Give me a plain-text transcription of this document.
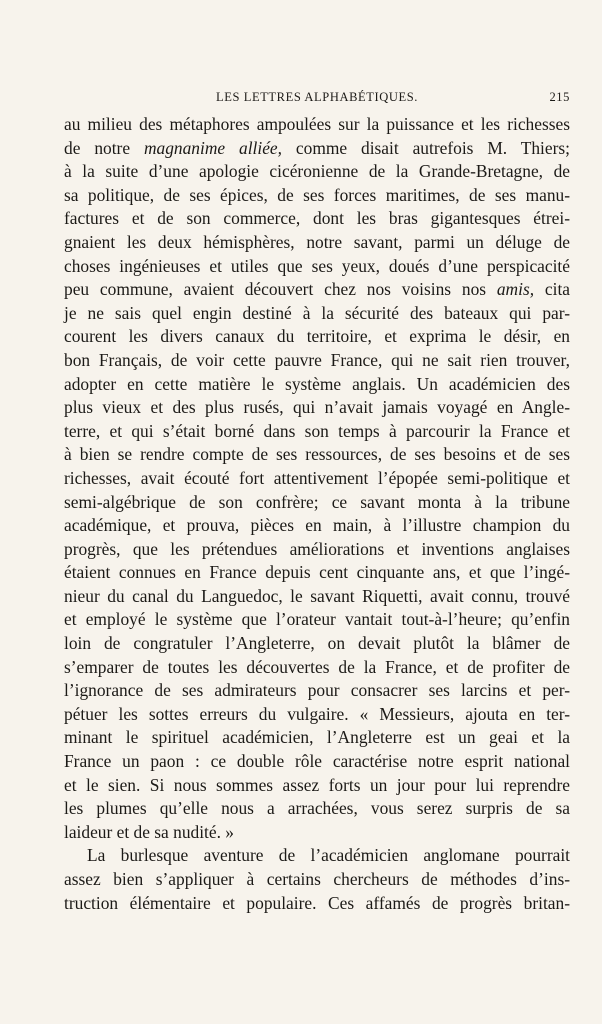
LES LETTRES ALPHABÉTIQUES.	215
au milieu des métaphores ampoulées sur la puissance et les richesses
de notre magnanime alliée, comme disait autrefois M. Thiers;
à la suite d’une apologie cicéronienne de la Grande-Bretagne, de
sa politique, de ses épices, de ses forces maritimes, de ses manu-
factures et de son commerce, dont les bras gigantesques étrei-
gnaient les deux hémisphères, notre savant, parmi un déluge de
choses ingénieuses et utiles que ses yeux, doués d’une perspicacité
peu commune, avaient découvert chez nos voisins nos amis, cita
je ne sais quel engin destiné à la sécurité des bateaux qui par-
courent les divers canaux du territoire, et exprima le désir, en
bon Français, de voir cette pauvre France, qui ne sait rien trouver,
adopter en cette matière le système anglais. Un académicien des
plus vieux et des plus rusés, qui n’avait jamais voyagé en Angle-
terre, et qui s’était borné dans son temps à parcourir la France et
à bien se rendre compte de ses ressources, de ses besoins et de ses
richesses, avait écouté fort attentivement l’épopée semi-politique et
semi-algébrique de son confrère; ce savant monta à la tribune
académique, et prouva, pièces en main, à l’illustre champion du
progrès, que les prétendues améliorations et inventions anglaises
étaient connues en France depuis cent cinquante ans, et que l’ingé-
nieur du canal du Languedoc, le savant Riquetti, avait connu, trouvé
et employé le système que l’orateur vantait tout-à-l’heure; qu’enfin
loin de congratuler l’Angleterre, on devait plutôt la blâmer de
s’emparer de toutes les découvertes de la France, et de profiter de
l’ignorance de ses admirateurs pour consacrer ses larcins et per-
pétuer les sottes erreurs du vulgaire. « Messieurs, ajouta en ter-
minant le spirituel académicien, l’Angleterre est un geai et la
France un paon : ce double rôle caractérise notre esprit national
et le sien. Si nous sommes assez forts un jour pour lui reprendre
les plumes qu’elle nous a arrachées, vous serez surpris de sa
laideur et de sa nudité. »
La burlesque aventure de l’académicien anglomane pourrait
assez bien s’appliquer à certains chercheurs de méthodes d’ins-
truction élémentaire et populaire. Ces affamés de progrès britan-
